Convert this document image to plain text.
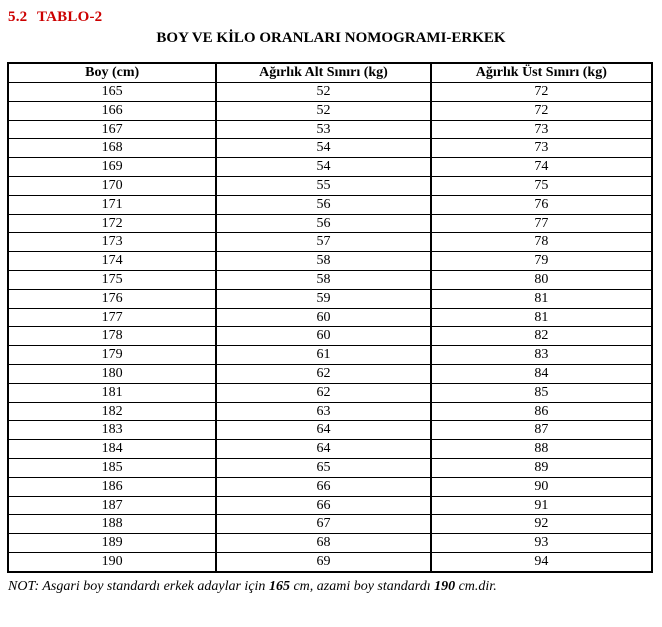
5.2 TABLO-2
BOY VE KİLO ORANLARI NOMOGRAMI-ERKEK
Boy (cm)	Ağırlık Alt Sınırı (kg)	Ağırlık Üst Sınırı (kg)
165	52	72
166	52	72
167	53	73
168	54	73
169	54	74
170	55	75
171	56	76
172	56	77
173	57	78
174	58	79
175	58	80
176	59	81
177	60	81
178	60	82
179	61	83
180	62	84
181	62	85
182	63	86
183	64	87
184	64	88
185	65	89
186	66	90
187	66	91
188	67	92
189	68	93
190	69	94
NOT: Asgari boy standardı erkek adaylar için 165 cm, azami boy standardı 190 cm.dir.
